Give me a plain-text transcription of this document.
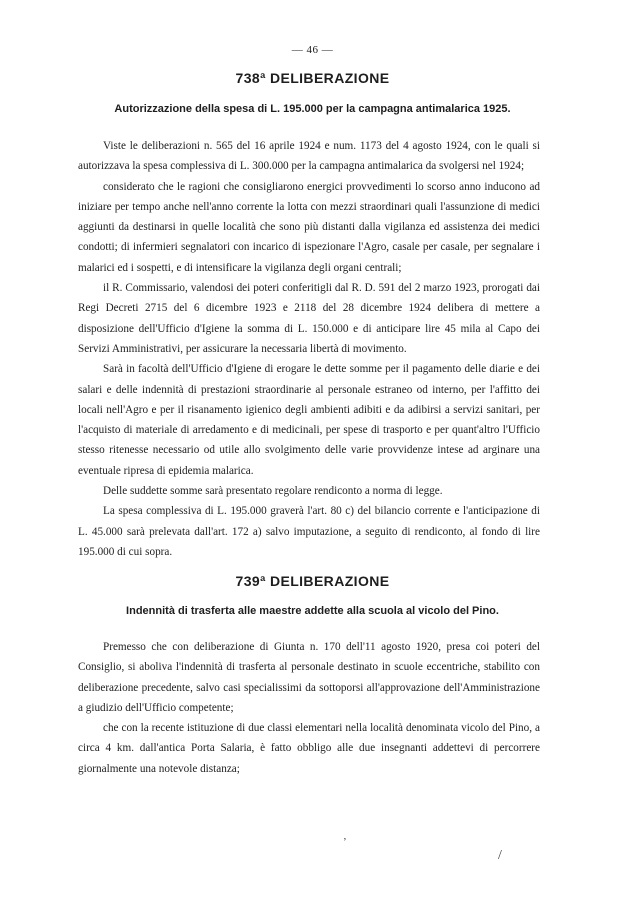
— 46 —
738ª DELIBERAZIONE
Autorizzazione della spesa di L. 195.000 per la campagna antimalarica 1925.

Viste le deliberazioni n. 565 del 16 aprile 1924 e num. 1173 del 4 agosto 1924, con le quali si autorizzava la spesa complessiva di L. 300.000 per la campagna antimalarica da svolgersi nel 1924;

considerato che le ragioni che consigliarono energici provvedimenti lo scorso anno inducono ad iniziare per tempo anche nell'anno corrente la lotta con mezzi straordinari quali l'assunzione di medici aggiunti da destinarsi in quelle località che sono più distanti dalla vigilanza ed assistenza dei medici condotti; di infermieri segnalatori con incarico di ispezionare l'Agro, casale per casale, per segnalare i malarici ed i sospetti, e di intensificare la vigilanza degli organi centrali;

il R. Commissario, valendosi dei poteri conferitigli dal R. D. 591 del 2 marzo 1923, prorogati dai Regi Decreti 2715 del 6 dicembre 1923 e 2118 del 28 dicembre 1924 delibera di mettere a disposizione dell'Ufficio d'Igiene la somma di L. 150.000 e di anticipare lire 45 mila al Capo dei Servizi Amministrativi, per assicurare la necessaria libertà di movimento.

Sarà in facoltà dell'Ufficio d'Igiene di erogare le dette somme per il pagamento delle diarie e dei salari e delle indennità di prestazioni straordinarie al personale estraneo od interno, per l'affitto dei locali nell'Agro e per il risanamento igienico degli ambienti adibiti e da adibirsi a servizi sanitari, per l'acquisto di materiale di arredamento e di medicinali, per spese di trasporto e per quant'altro l'Ufficio stesso ritenesse necessario od utile allo svolgimento delle varie provvidenze intese ad arginare una eventuale ripresa di epidemia malarica.

Delle suddette somme sarà presentato regolare rendiconto a norma di legge.

La spesa complessiva di L. 195.000 graverà l'art. 80 c) del bilancio corrente e l'anticipazione di L. 45.000 sarà prelevata dall'art. 172 a) salvo imputazione, a seguito di rendiconto, al fondo di lire 195.000 di cui sopra.

739ª DELIBERAZIONE
Indennità di trasferta alle maestre addette alla scuola al vicolo del Pino.

Premesso che con deliberazione di Giunta n. 170 dell'11 agosto 1920, presa coi poteri del Consiglio, si aboliva l'indennità di trasferta al personale destinato in scuole eccentriche, stabilito con deliberazione precedente, salvo casi specialissimi da sottoporsi all'approvazione dell'Amministrazione a giudizio dell'Ufficio competente;

che con la recente istituzione di due classi elementari nella località denominata vicolo del Pino, a circa 4 km. dall'antica Porta Salaria, è fatto obbligo alle due insegnanti addettevi di percorrere giornalmente una notevole distanza;

ʼ
/
